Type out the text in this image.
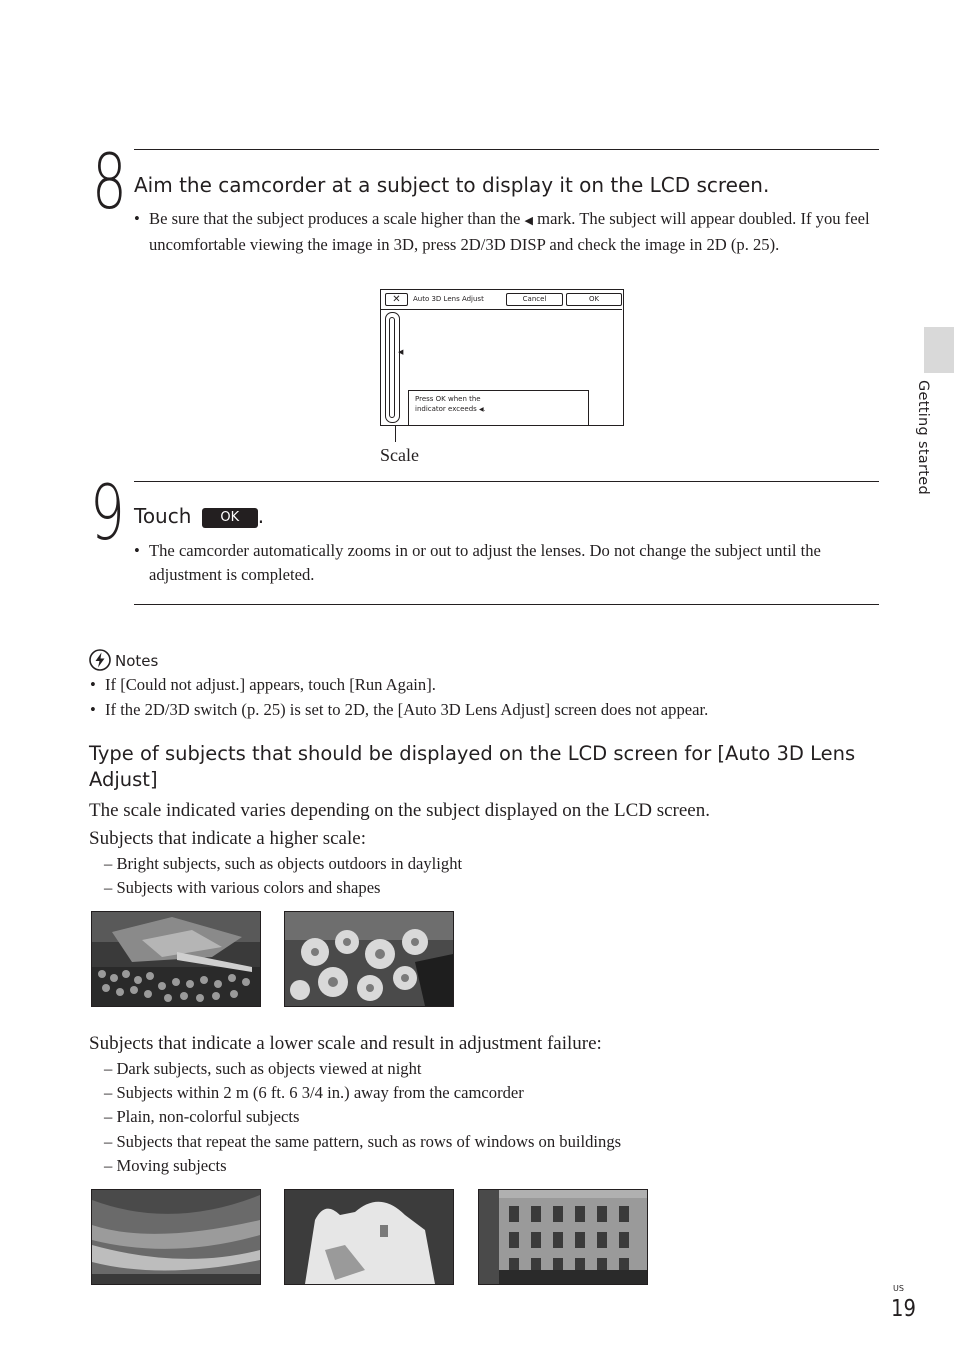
8 Aim the camcorder at a subject to display it on the LCD screen.
• Be sure that the subject produces a scale higher than the ◀ mark. The subject will appear doubled. If you feel uncomfortable viewing the image in 3D, press 2D/3D DISP and check the image in 2D (p. 25).
✕	Auto 3D Lens Adjust	Cancel	OK
◀
Press OK when the
indicator exceeds ◀.
Scale
9 Touch OK .
• The camcorder automatically zooms in or out to adjust the lenses. Do not change the subject until the adjustment is completed.
Notes
• If [Could not adjust.] appears, touch [Run Again].
• If the 2D/3D switch (p. 25) is set to 2D, the [Auto 3D Lens Adjust] screen does not appear.
Type of subjects that should be displayed on the LCD screen for [Auto 3D Lens
Adjust]
The scale indicated varies depending on the subject displayed on the LCD screen.
Subjects that indicate a higher scale:
– Bright subjects, such as objects outdoors in daylight
– Subjects with various colors and shapes
Subjects that indicate a lower scale and result in adjustment failure:
– Dark subjects, such as objects viewed at night
– Subjects within 2 m (6 ft. 6 3/4 in.) away from the camcorder
– Plain, non-colorful subjects
– Subjects that repeat the same pattern, such as rows of windows on buildings
– Moving subjects
Getting started
US
19
